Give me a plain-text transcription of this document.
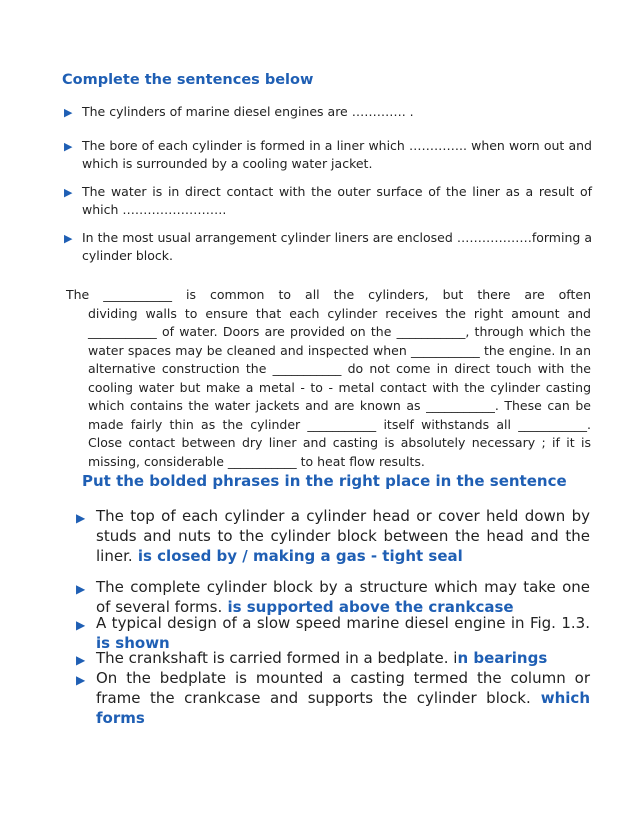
Complete the sentences below
▶ The cylinders of marine diesel engines are …………. .
▶ The bore of each cylinder is formed in a liner which ………….. when worn out and which is surrounded by a cooling water jacket.
▶ The water is in direct contact with the outer surface of the liner as a result of which …………………….
▶ In the most usual arrangement cylinder liners are enclosed ………………forming a cylinder block.
The ___________ is common to all the cylinders, but there are often
dividing walls to ensure that each cylinder receives the right amount and ___________ of water. Doors are provided on the ___________, through which the water spaces may be cleaned and inspected when ___________ the engine. In an alternative construction the ___________ do not come in direct touch with the cooling water but make a metal - to - metal contact with the cylinder casting which contains the water jackets and are known as ___________. These can be made fairly thin as the cylinder ___________ itself withstands all ___________. Close contact between dry liner and casting is absolutely necessary ; if it is missing, considerable ___________ to heat flow results.
Put the bolded phrases in the right place in the sentence
▶ The top of each cylinder a cylinder head or cover held down by studs and nuts to the cylinder block between the head and the liner. is closed by / making a gas - tight seal
▶ The complete cylinder block by a structure which may take one of several forms. is supported above the crankcase
▶ A typical design of a slow speed marine diesel engine in Fig. 1.3. is shown
▶ The crankshaft is carried formed in a bedplate. in bearings
▶ On the bedplate is mounted a casting termed the column or frame the crankcase and supports the cylinder block. which forms
